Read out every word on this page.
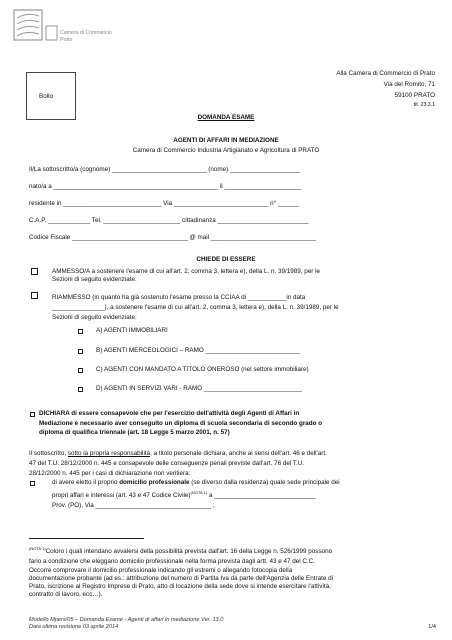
Camera di Commercio
Prato
Alla Camera di Commercio di Prato
Via del Romito, 71
59100 PRATO
tit. 23.3.1
Bollo
DOMANDA ESAME
AGENTI DI AFFARI IN MEDIAZIONE
Camera di Commercio Industria Artigianato e Agricoltura di PRATO
Il/La sottoscritto/a (cognome) ___________________________ (nome) ____________________
nato/a a _______________________________________________ il ______________________
residente in ____________________________ Via ___________________________ n° ______
C.A.P. ____________ Tel. ______________________ cittadinanza __________________________
Codice Fiscale _________________________________ @ mail ______________________________
CHIEDE DI ESSERE
AMMESSO/A a sostenere l'esame di cui all'art. 2, comma 3, lettera e), della L. n. 39/1989, per le
Sezioni di seguito evidenziate:
RIAMMESSO (in quanto ha già sostenuto l'esame presso la CCIAA di ___________in data
_______________), a sostenere l'esame di cui all'art. 2, comma 3, lettera e), della L. n. 39/1989, per le
Sezioni di seguito evidenziate:
A) AGENTI IMMOBILIARI
B) AGENTI MERCEOLOGICI – RAMO ___________________________
C) AGENTI CON MANDATO A TITOLO ONEROSO (nel settore immobiliare)
D) AGENTI IN SERVIZI VARI - RAMO ____________________________
DICHIARA di essere consapevole che per l'esercizio dell'attività degli Agenti di Affari in
Mediazione è necessario aver conseguito un diploma di scuola secondaria di secondo grado o
diploma di qualifica triennale (art. 18 Legge 5 marzo 2001, n. 57)
Il sottoscritto, sotto la propria responsabilità, a titolo personale dichiara, anche ai sensi dell'art. 46 e dell'art.
47 del T.U. 28/12/2000 n. 445 e consapevole delle conseguenze penali previste dall'art. 76 del T.U.
28/12/2000 n. 445 per i casi di dichiarazione non veritiera:
di avere eletto il proprio domicilio professionale (se diverso dalla residenza) quale sede principale dei
propri affari e interessi (art. 43 e 47 Codice Civile)$^{(NOTA 1)}$ a _____________________________
Prov. (PO), Via _________________________________ ;
$^{(NOTA 1)}$Coloro i quali intendano avvalersi della possibilità prevista dall'art. 16 della Legge n. 526/1999 possono
fario a condizione che eleggano domicilio professionale nella forma prevista dagli artt. 43 e 47 del C.C.
Occorre comprovare il domicilio professionale indicando gli estremi o allegando fotocopia della
documentazione probante (ad es.: attribuzione del numero di Partita Iva da parte dell'Agenzia delle Entrate di
Prato, iscrizione al Registro Imprese di Prato, atto di locazione della sede dove si intende esercitare l'attività,
contratto di lavoro, ecc…).
Modello Mpers/05 – Domanda Esame - Agenti di affari in mediazione Ver. 13.0
Data ultima revisione 03 aprile 2014	1/4
